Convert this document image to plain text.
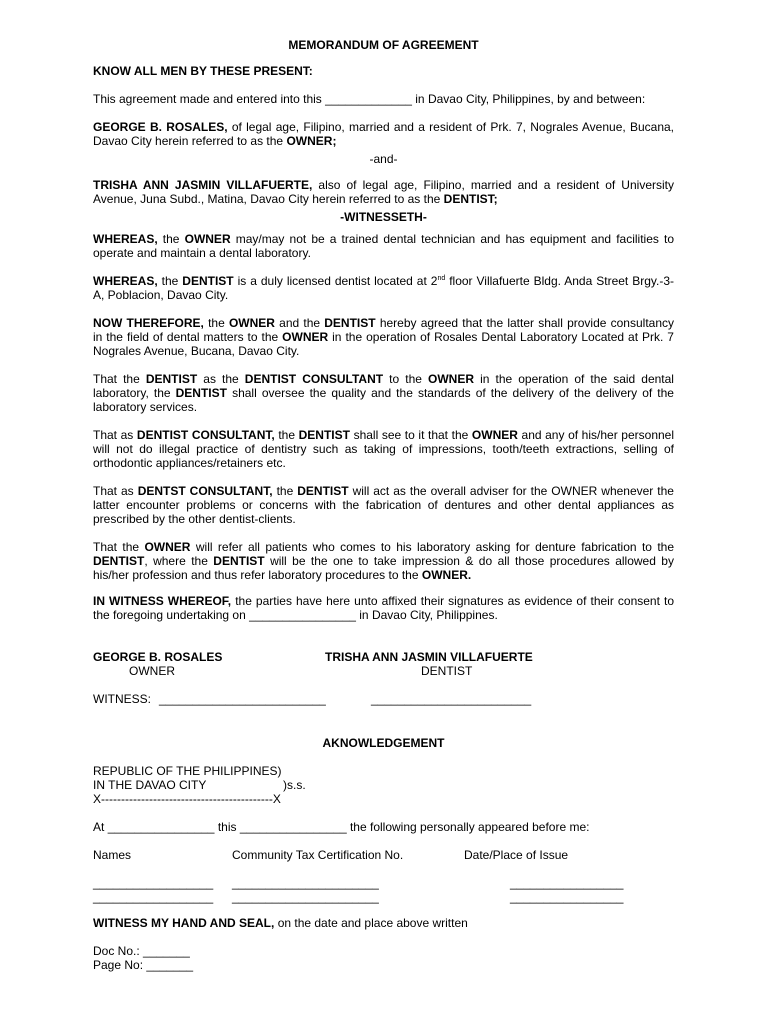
MEMORANDUM OF AGREEMENT

KNOW ALL MEN BY THESE PRESENT:

This agreement made and entered into this _____________ in Davao City, Philippines, by and between:

GEORGE B. ROSALES, of legal age, Filipino, married and a resident of Prk. 7, Nograles Avenue, Bucana, Davao City herein referred to as the OWNER;

-and-

TRISHA ANN JASMIN VILLAFUERTE, also of legal age, Filipino, married and a resident of University Avenue, Juna Subd., Matina, Davao City herein referred to as the DENTIST;

-WITNESSETH-

WHEREAS, the OWNER may/may not be a trained dental technician and has equipment and facilities to operate and maintain a dental laboratory.

WHEREAS, the DENTIST is a duly licensed dentist located at 2nd floor Villafuerte Bldg. Anda Street Brgy.-3-A, Poblacion, Davao City.

NOW THEREFORE, the OWNER and the DENTIST hereby agreed that the latter shall provide consultancy in the field of dental matters to the OWNER in the operation of Rosales Dental Laboratory Located at Prk. 7 Nograles Avenue, Bucana, Davao City.

That the DENTIST as the DENTIST CONSULTANT to the OWNER in the operation of the said dental laboratory, the DENTIST shall oversee the quality and the standards of the delivery of the delivery of the laboratory services.

That as DENTIST CONSULTANT, the DENTIST shall see to it that the OWNER and any of his/her personnel will not do illegal practice of dentistry such as taking of impressions, tooth/teeth extractions, selling of orthodontic appliances/retainers etc.

That as DENTST CONSULTANT, the DENTIST will act as the overall adviser for the OWNER whenever the latter encounter problems or concerns with the fabrication of dentures and other dental appliances as prescribed by the other dentist-clients.

That the OWNER will refer all patients who comes to his laboratory asking for denture fabrication to the DENTIST, where the DENTIST will be the one to take impression & do all those procedures allowed by his/her profession and thus refer laboratory procedures to the OWNER.

IN WITNESS WHEREOF, the parties have here unto affixed their signatures as evidence of their consent to the foregoing undertaking on ________________ in Davao City, Philippines.

GEORGE B. ROSALES
OWNER
TRISHA ANN JASMIN VILLAFUERTE
DENTIST
WITNESS: _________________________	________________________

AKNOWLEDGEMENT

REPUBLIC OF THE PHILIPPINES)

IN THE DAVAO CITY	)s.s.

X-------------------------------------------X

At ________________ this ________________ the following personally appeared before me:

Names	Community Tax Certification No.	Date/Place of Issue
__________________ ______________________	_________________
__________________ ______________________	_________________

WITNESS MY HAND AND SEAL, on the date and place above written

Doc No.: _______

Page No: _______
